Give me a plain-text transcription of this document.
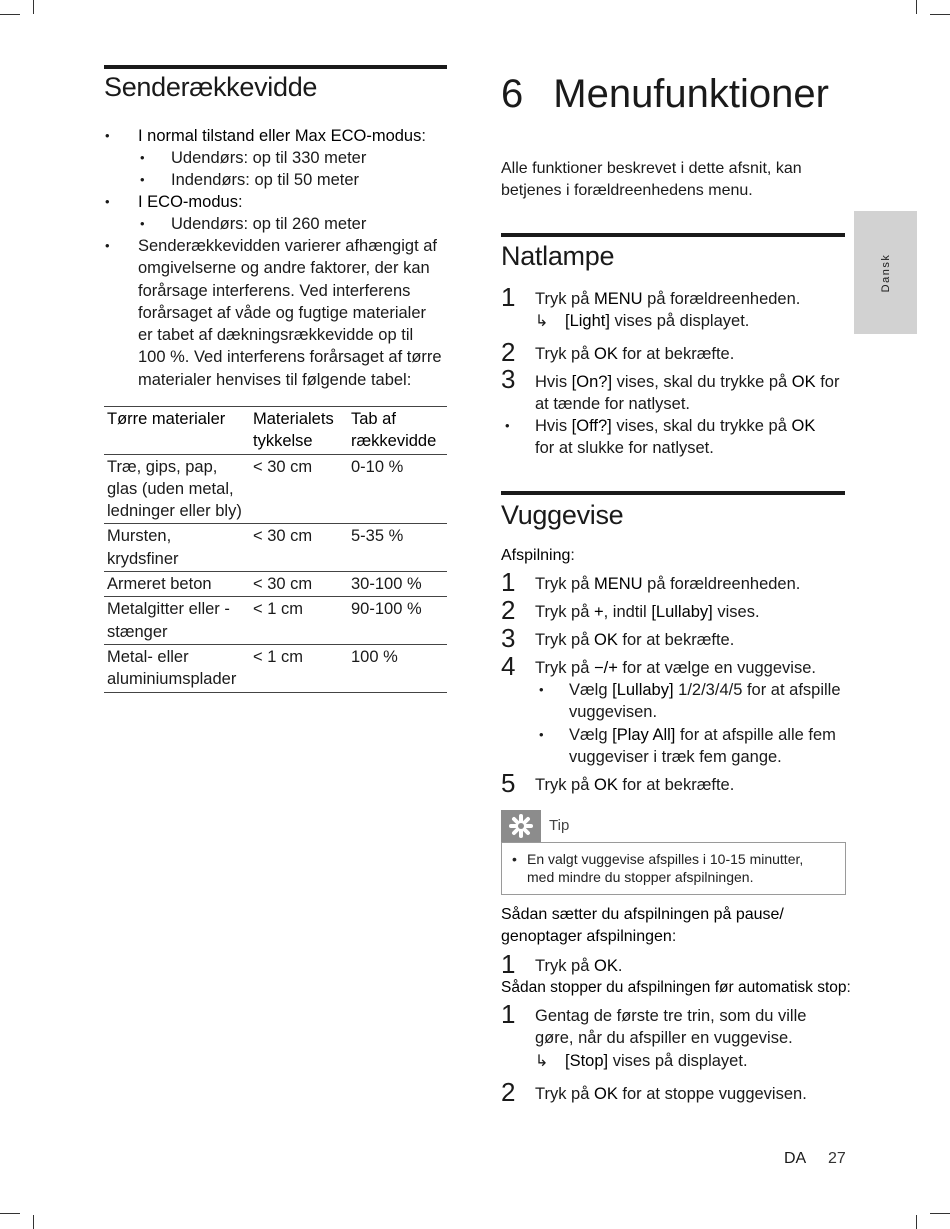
Senderækkevidde
• I normal tilstand eller Max ECO-modus:
• Udendørs: op til 330 meter
• Indendørs: op til 50 meter
• I ECO-modus:
• Udendørs: op til 260 meter
• Senderækkevidden varierer afhængigt af
omgivelserne og andre faktorer, der kan
forårsage interferens. Ved interferens
forårsaget af våde og fugtige materialer
er tabet af dækningsrækkevidde op til
100 %. Ved interferens forårsaget af tørre
materialer henvises til følgende tabel:
Tørre materialer	Materialets tykkelse	Tab af rækkevidde
Træ, gips, pap, glas (uden metal, ledninger eller bly)	< 30 cm	0-10 %
Mursten, krydsfiner	< 30 cm	5-35 %
Armeret beton	< 30 cm	30-100 %
Metalgitter eller -stænger	< 1 cm	90-100 %
Metal- eller aluminiumsplader	< 1 cm	100 %
6 Menufunktioner
Alle funktioner beskrevet i dette afsnit, kan
betjenes i forældreenhedens menu.
Natlampe
1 Tryk på MENU på forældreenheden.
↳ [Light] vises på displayet.
2 Tryk på OK for at bekræfte.
3 Hvis [On?] vises, skal du trykke på OK for
at tænde for natlyset.
• Hvis [Off?] vises, skal du trykke på OK
for at slukke for natlyset.
Vuggevise
Afspilning:
1 Tryk på MENU på forældreenheden.
2 Tryk på +, indtil [Lullaby] vises.
3 Tryk på OK for at bekræfte.
4 Tryk på −/+ for at vælge en vuggevise.
• Vælg [Lullaby] 1/2/3/4/5 for at afspille
vuggevisen.
• Vælg [Play All] for at afspille alle fem
vuggeviser i træk fem gange.
5 Tryk på OK for at bekræfte.
Tip
• En valgt vuggevise afspilles i 10-15 minutter,
med mindre du stopper afspilningen.
Sådan sætter du afspilningen på pause/
genoptager afspilningen:
1 Tryk på OK.
Sådan stopper du afspilningen før automatisk stop:
1 Gentag de første tre trin, som du ville
gøre, når du afspiller en vuggevise.
↳ [Stop] vises på displayet.
2 Tryk på OK for at stoppe vuggevisen.
Dansk
DA 27
